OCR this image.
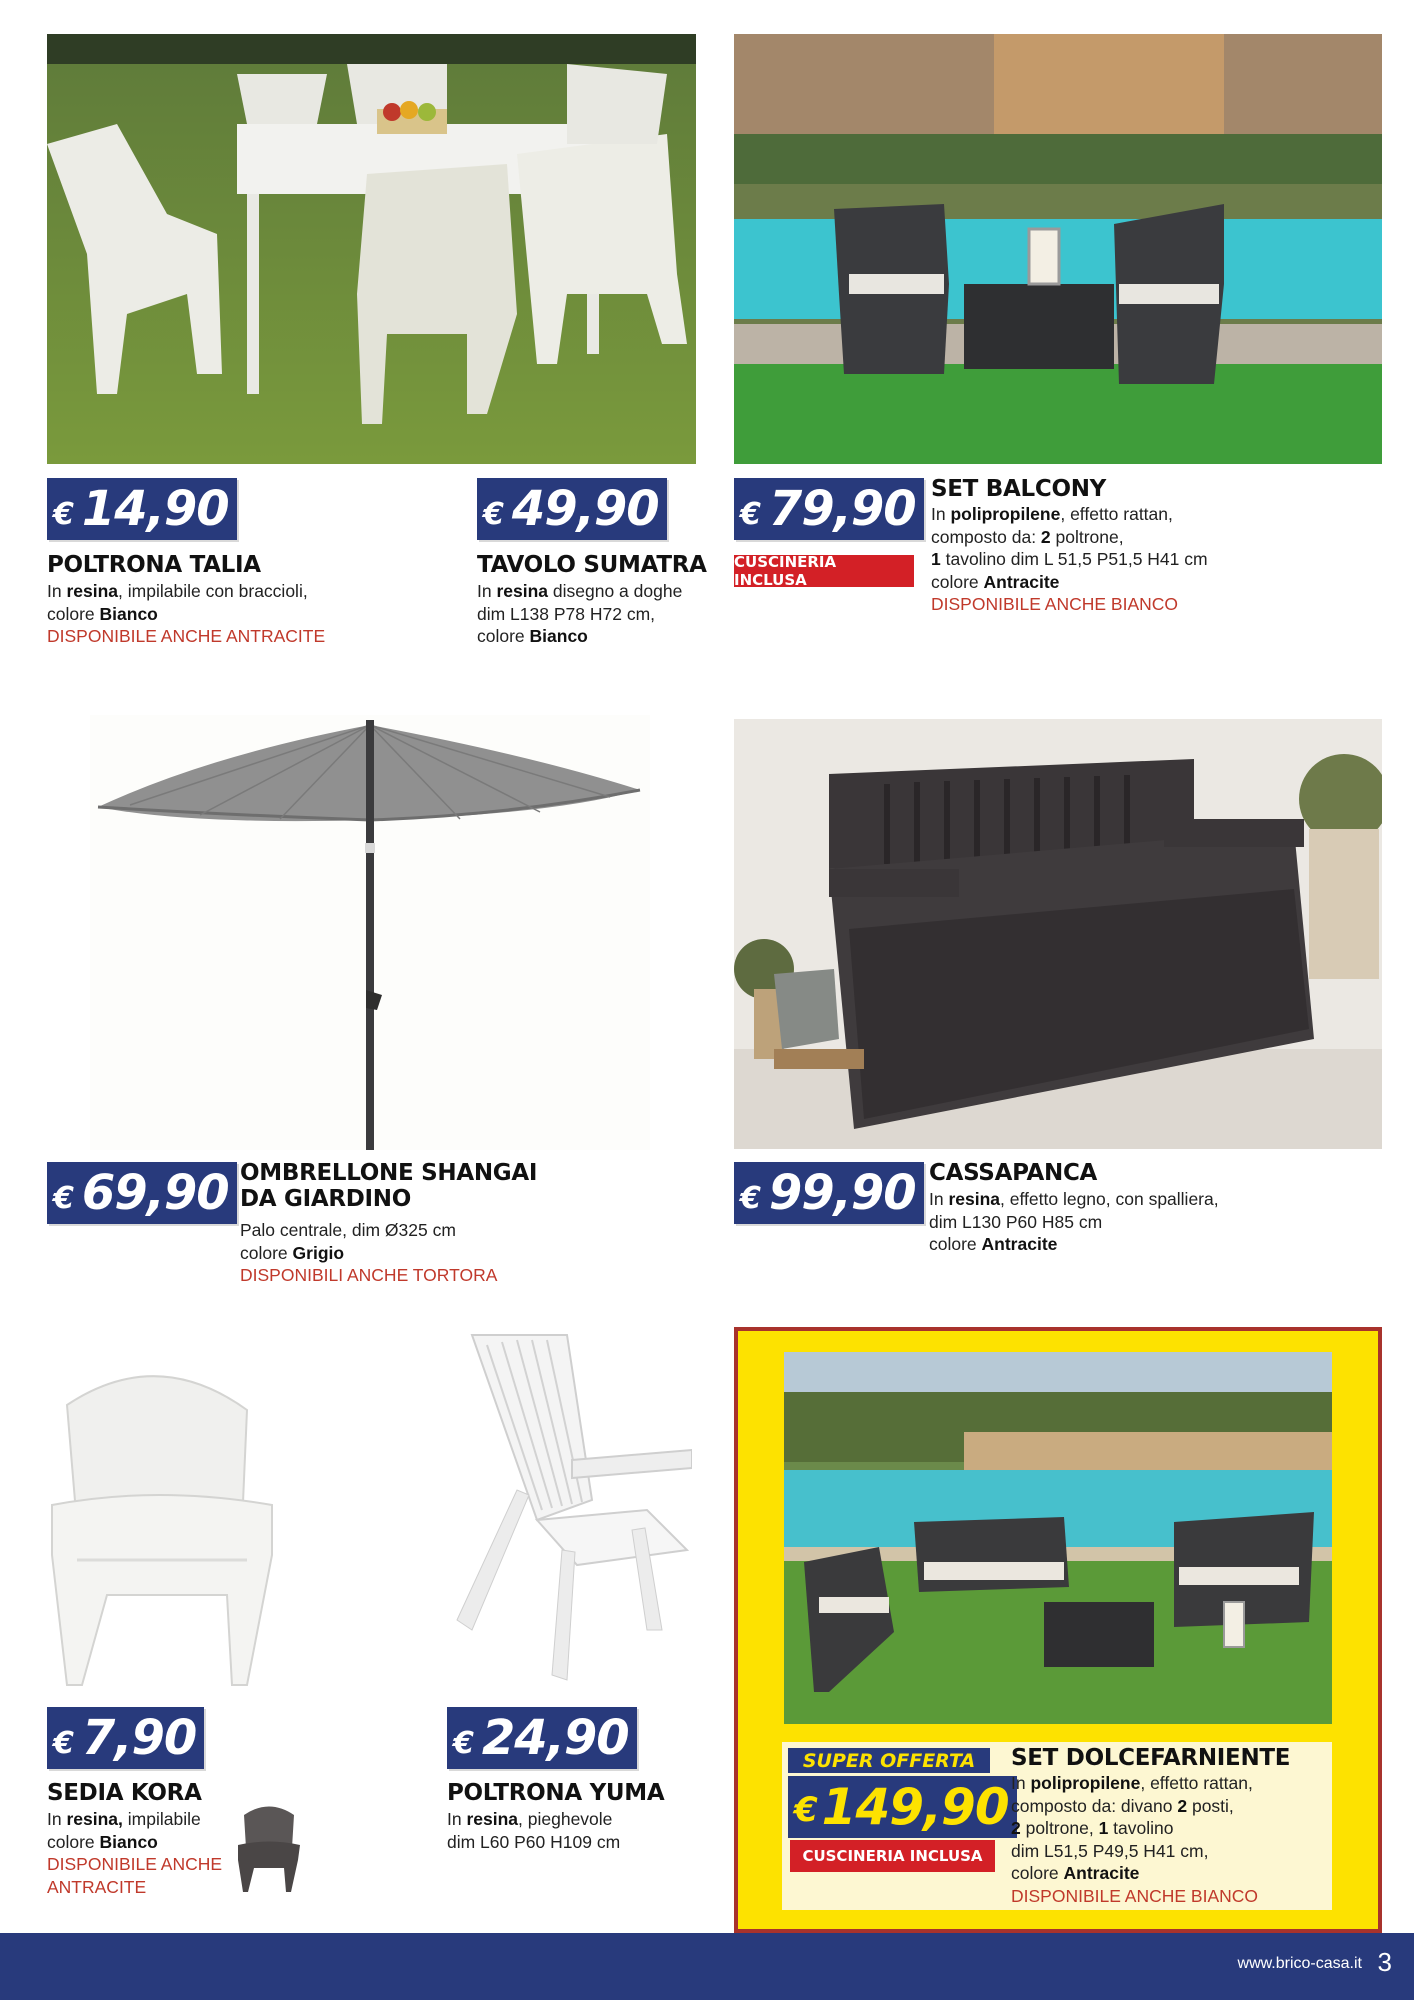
€ 14,90
POLTRONA TALIA
In resina, impilabile con braccioli,
colore Bianco
DISPONIBILE ANCHE ANTRACITE
€ 49,90
TAVOLO SUMATRA
In resina disegno a doghe
dim L138 P78 H72 cm,
colore Bianco
€ 79,90
CUSCINERIA INCLUSA
SET BALCONY
In polipropilene, effetto rattan,
composto da: 2 poltrone,
1 tavolino dim L 51,5 P51,5 H41 cm
colore Antracite
DISPONIBILE ANCHE BIANCO
€ 69,90 OMBRELLONE SHANGAI
DA GIARDINO
Palo centrale, dim Ø325 cm
colore Grigio
DISPONIBILI ANCHE TORTORA
€ 99,90 CASSAPANCA
In resina, effetto legno, con spalliera,
dim L130 P60 H85 cm
colore Antracite
€ 7,90
SEDIA KORA
In resina, impilabile
colore Bianco
DISPONIBILE ANCHE
ANTRACITE
€ 24,90
POLTRONA YUMA
In resina, pieghevole
dim L60 P60 H109 cm
SUPER OFFERTA
€ 149,90
CUSCINERIA INCLUSA
SET DOLCEFARNIENTE
In polipropilene, effetto rattan,
composto da: divano 2 posti,
2 poltrone, 1 tavolino
dim L51,5 P49,5 H41 cm,
colore Antracite
DISPONIBILE ANCHE BIANCO
www.brico-casa.it 3
